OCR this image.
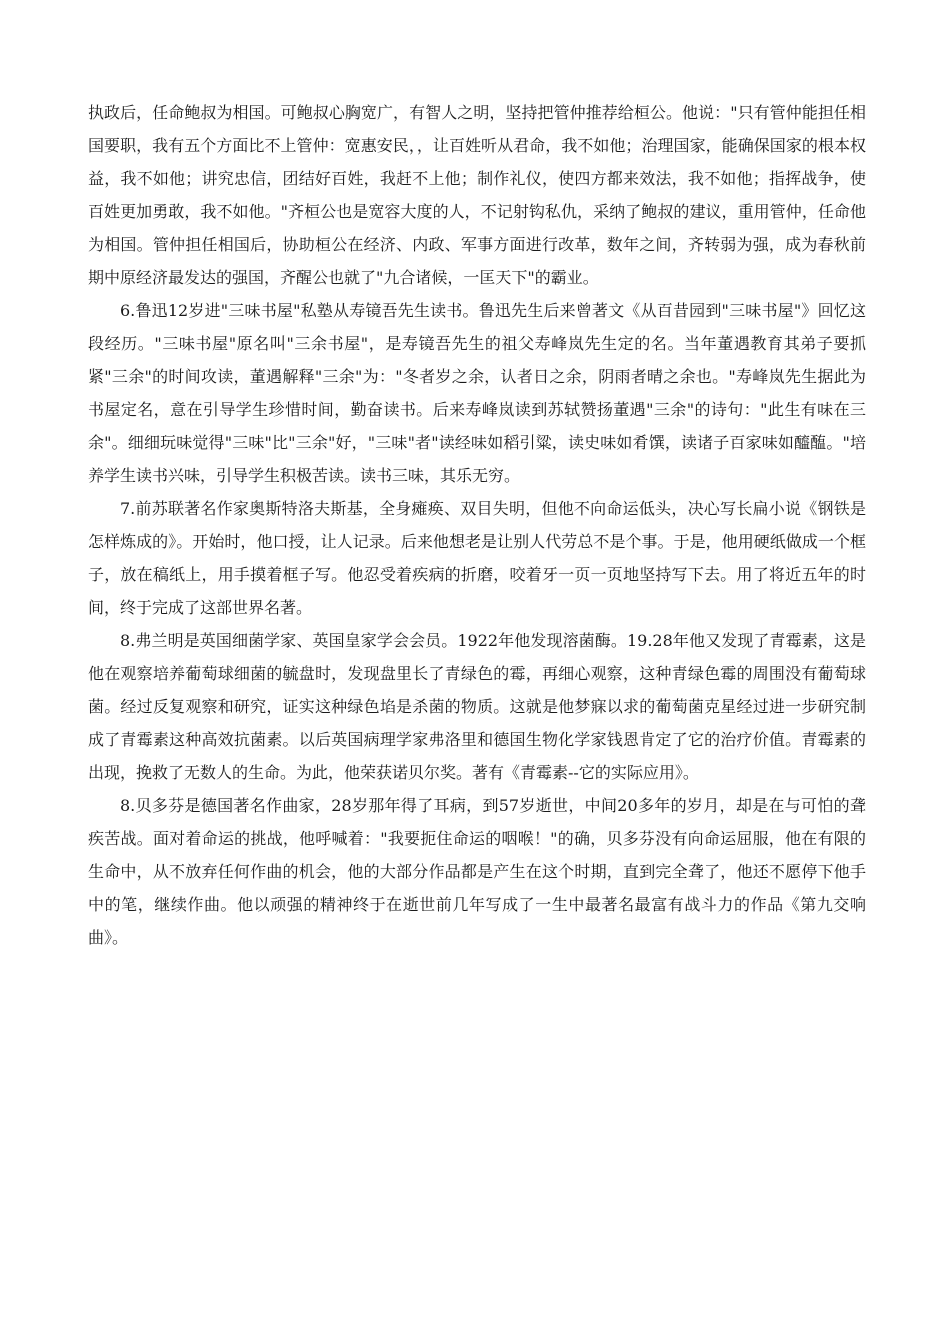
执政后，任命鲍叔为相国。可鲍叔心胸宽广，有智人之明，坚持把管仲推荐给桓公。他说："只有管仲能担任相国要职，我有五个方面比不上管仲：宽惠安民，，让百姓听从君命，我不如他；治理国家，能确保国家的根本权益，我不如他；讲究忠信，团结好百姓，我赶不上他；制作礼仪，使四方都来效法，我不如他；指挥战争，使百姓更加勇敢，我不如他。"齐桓公也是宽容大度的人，不记射钩私仇，采纳了鲍叔的建议，重用管仲，任命他为相国。管仲担任相国后，协助桓公在经济、内政、军事方面进行改革，数年之间，齐转弱为强，成为春秋前期中原经济最发达的强国，齐醒公也就了"九合诸候，一匡天下"的霸业。

6.鲁迅12岁进"三味书屋"私塾从寿镜吾先生读书。鲁迅先生后来曾著文《从百昔园到"三味书屋"》回忆这段经历。"三味书屋"原名叫"三余书屋"，是寿镜吾先生的祖父寿峰岚先生定的名。当年董遇教育其弟子要抓紧"三余"的时间攻读，董遇解释"三余"为："冬者岁之余，认者日之余，阴雨者晴之余也。"寿峰岚先生据此为书屋定名，意在引导学生珍惜时间，勤奋读书。后来寿峰岚读到苏轼赞扬董遇"三余"的诗句："此生有味在三余"。细细玩味觉得"三味"比"三余"好，"三味"者"读经味如稻引粱，读史味如肴馔，读诸子百家味如醯醢。"培养学生读书兴味，引导学生积极苦读。读书三味，其乐无穷。

7.前苏联著名作家奥斯特洛夫斯基，全身瘫痪、双目失明，但他不向命运低头，决心写长扁小说《钢铁是怎样炼成的》。开始时，他口授，让人记录。后来他想老是让别人代劳总不是个事。于是，他用硬纸做成一个框子，放在稿纸上，用手摸着框子写。他忍受着疾病的折磨，咬着牙一页一页地坚持写下去。用了将近五年的时间，终于完成了这部世界名著。

8.弗兰明是英国细菌学家、英国皇家学会会员。1922年他发现溶菌酶。19.28年他又发现了青霉素，这是他在观察培养葡萄球细菌的毓盘时，发现盘里长了青绿色的霉，再细心观察，这种青绿色霉的周围没有葡萄球菌。经过反复观察和研究，证实这种绿色埳是杀菌的物质。这就是他梦寐以求的葡萄菌克星经过进一步研究制成了青霉素这种高效抗菌素。以后英国病理学家弗洛里和德国生物化学家钱恩肯定了它的治疗价值。青霉素的出现，挽救了无数人的生命。为此，他荣获诺贝尔奖。著有《青霉素--它的实际应用》。

8.贝多芬是德国著名作曲家，28岁那年得了耳病，到57岁逝世，中间20多年的岁月，却是在与可怕的聋疾苦战。面对着命运的挑战，他呼喊着："我要扼住命运的咽喉！"的确，贝多芬没有向命运屈服，他在有限的生命中，从不放弃任何作曲的机会，他的大部分作品都是产生在这个时期，直到完全聋了，他还不愿停下他手中的笔，继续作曲。他以顽强的精神终于在逝世前几年写成了一生中最著名最富有战斗力的作品《第九交响曲》。
